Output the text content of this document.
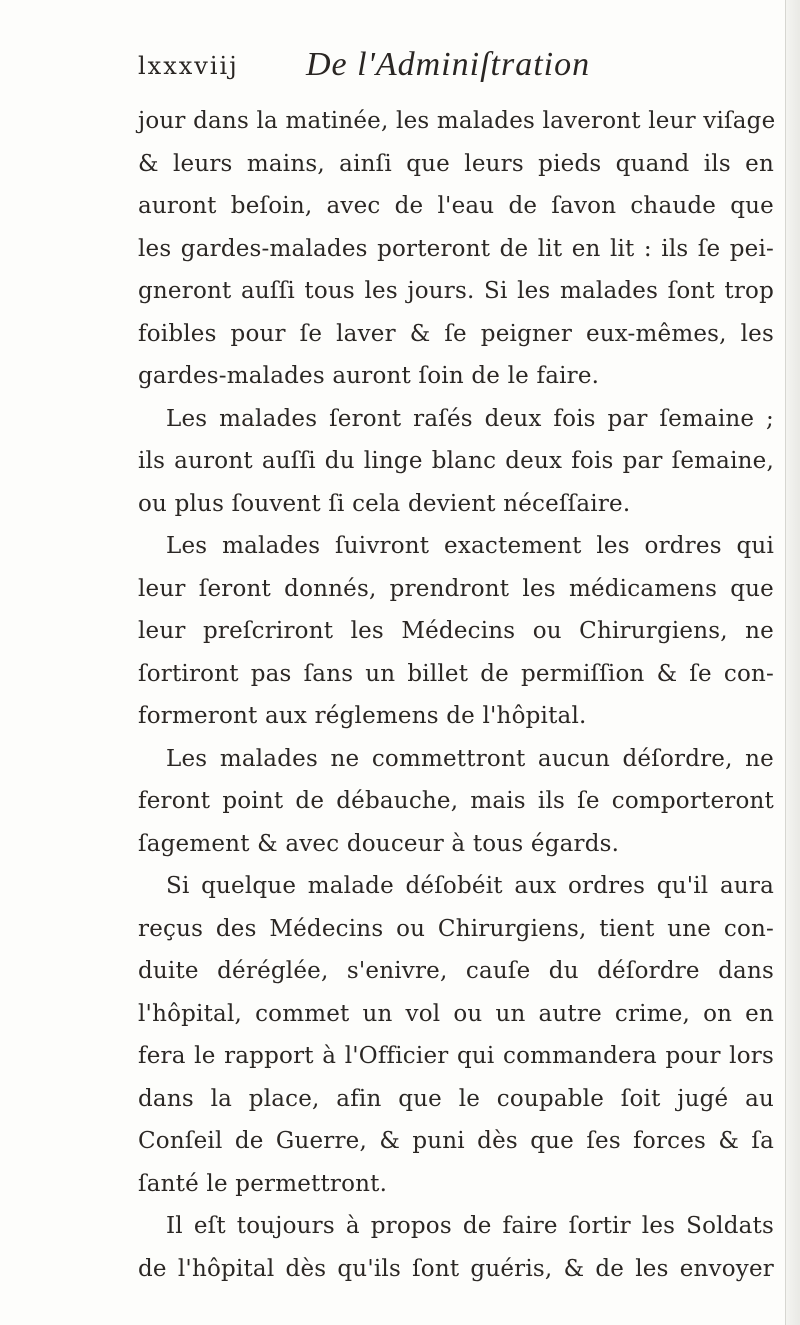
lxxxviij De l'Adminiſtration
jour dans la matinée, les malades laveront leur viſage
& leurs mains, ainſi que leurs pieds quand ils en
auront beſoin, avec de l'eau de ſavon chaude que
les gardes-malades porteront de lit en lit : ils ſe pei-
gneront auſſi tous les jours. Si les malades ſont trop
foibles pour ſe laver & ſe peigner eux-mêmes, les
gardes-malades auront ſoin de le faire.
Les malades ſeront raſés deux fois par ſemaine ;
ils auront auſſi du linge blanc deux fois par ſemaine,
ou plus ſouvent ſi cela devient néceſſaire.
Les malades ſuivront exactement les ordres qui
leur ſeront donnés, prendront les médicamens que
leur preſcriront les Médecins ou Chirurgiens, ne
ſortiront pas ſans un billet de permiſſion & ſe con-
formeront aux réglemens de l'hôpital.
Les malades ne commettront aucun déſordre, ne
feront point de débauche, mais ils ſe comporteront
ſagement & avec douceur à tous égards.
Si quelque malade déſobéit aux ordres qu'il aura
reçus des Médecins ou Chirurgiens, tient une con-
duite déréglée, s'enivre, cauſe du déſordre dans
l'hôpital, commet un vol ou un autre crime, on en
fera le rapport à l'Officier qui commandera pour lors
dans la place, afin que le coupable ſoit jugé au
Conſeil de Guerre, & puni dès que ſes forces & ſa
ſanté le permettront.
Il eſt toujours à propos de faire ſortir les Soldats
de l'hôpital dès qu'ils ſont guéris, & de les envoyer
